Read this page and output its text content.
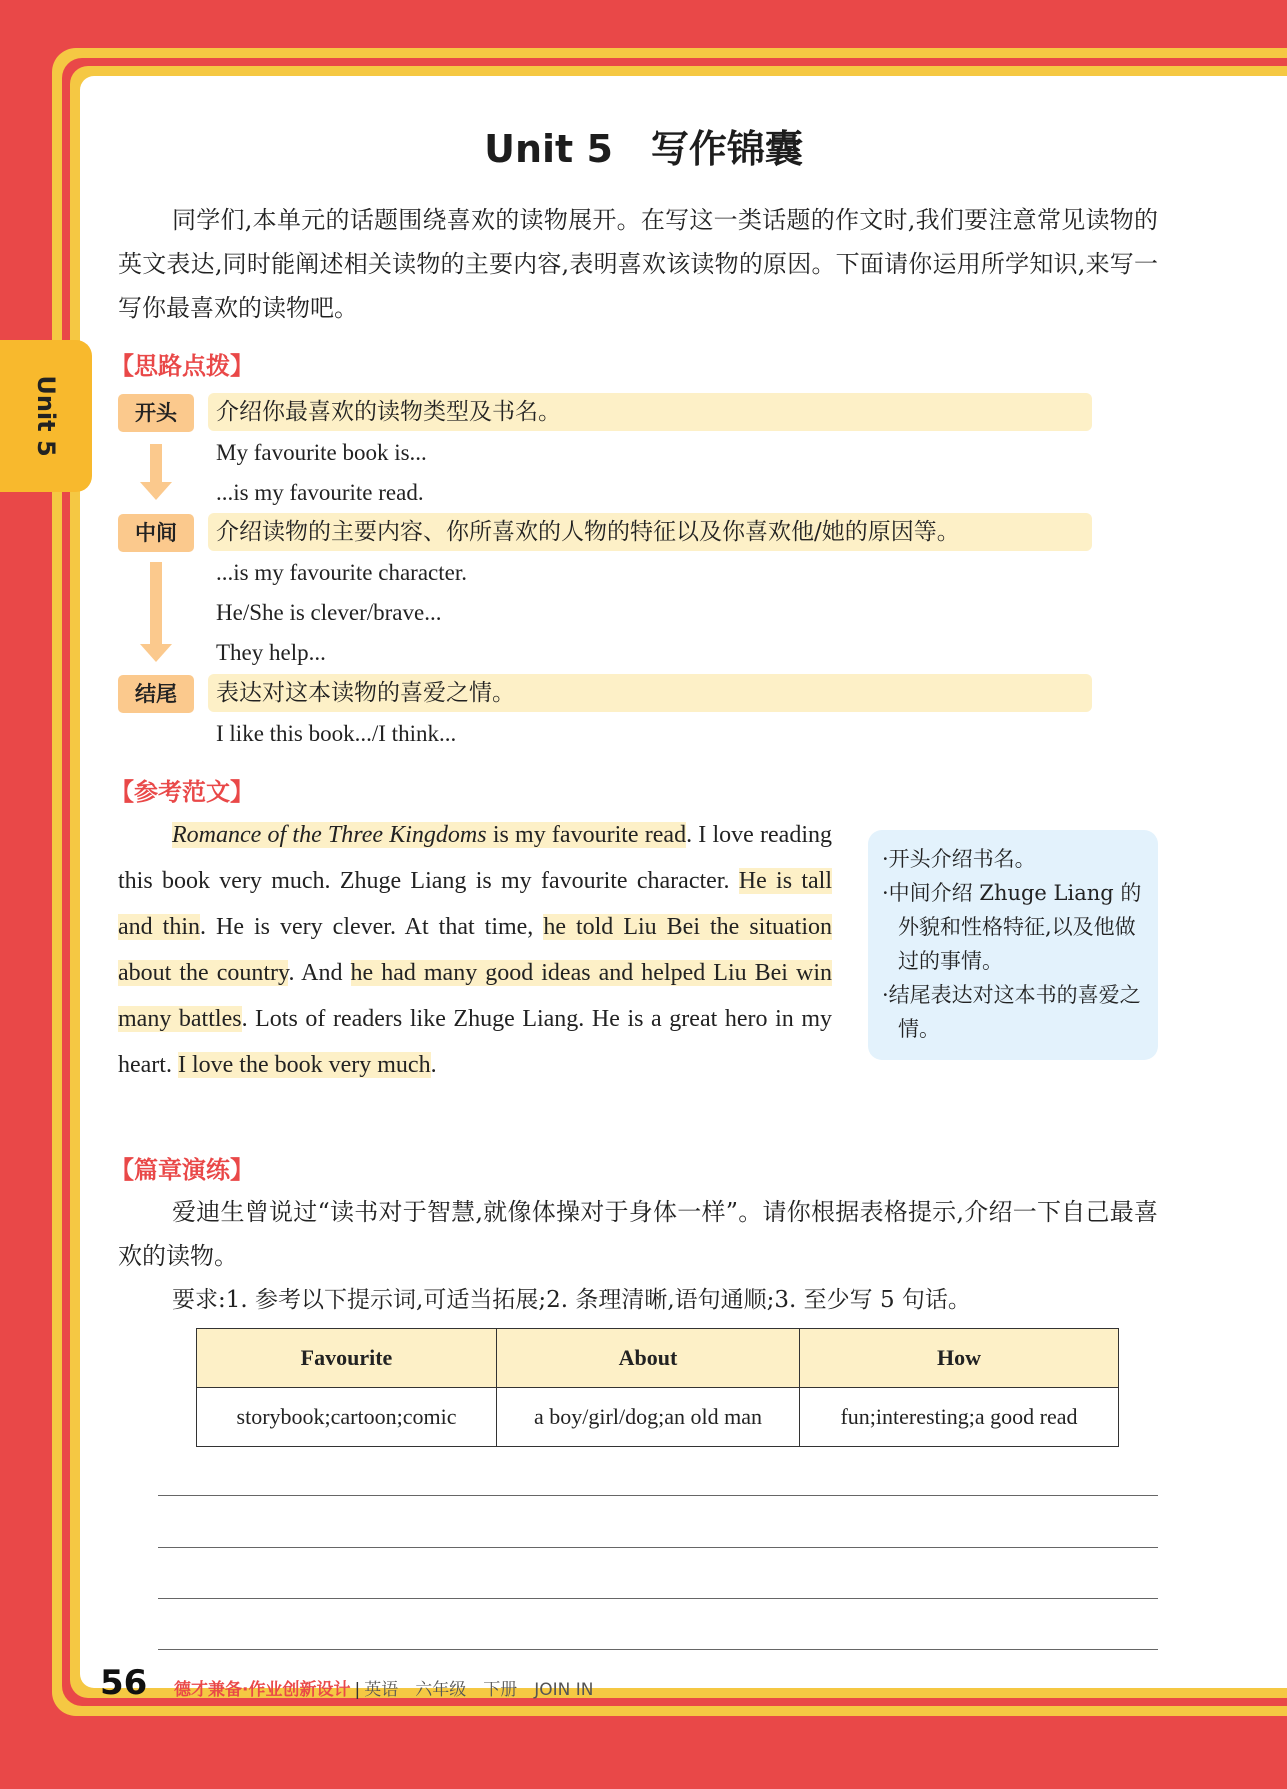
Unit 5
Unit 5　写作锦囊
同学们,本单元的话题围绕喜欢的读物展开。在写这一类话题的作文时,我们要注意常见读物的英文表达,同时能阐述相关读物的主要内容,表明喜欢该读物的原因。下面请你运用所学知识,来写一写你最喜欢的读物吧。
【思路点拨】
开头	介绍你最喜欢的读物类型及书名。
My favourite book is...
...is my favourite read.
中间	介绍读物的主要内容、你所喜欢的人物的特征以及你喜欢他/她的原因等。
...is my favourite character.
He/She is clever/brave...
They help...
结尾	表达对这本读物的喜爱之情。
I like this book.../I think...
【参考范文】
Romance of the Three Kingdoms is my favourite read. I love reading this book very much. Zhuge Liang is my favourite character. He is tall and thin. He is very clever. At that time, he told Liu Bei the situation about the country. And he had many good ideas and helped Liu Bei win many battles. Lots of readers like Zhuge Liang. He is a great hero in my heart. I love the book very much.
·开头介绍书名。
·中间介绍 Zhuge Liang 的外貌和性格特征,以及他做过的事情。
·结尾表达对这本书的喜爱之情。
【篇章演练】
爱迪生曾说过“读书对于智慧,就像体操对于身体一样”。请你根据表格提示,介绍一下自己最喜欢的读物。
要求:1. 参考以下提示词,可适当拓展;2. 条理清晰,语句通顺;3. 至少写 5 句话。
Favourite	About	How
storybook;cartoon;comic	a boy/girl/dog;an old man	fun;interesting;a good read
56 德才兼备·作业创新设计 | 英语　六年级　下册　JOIN IN
